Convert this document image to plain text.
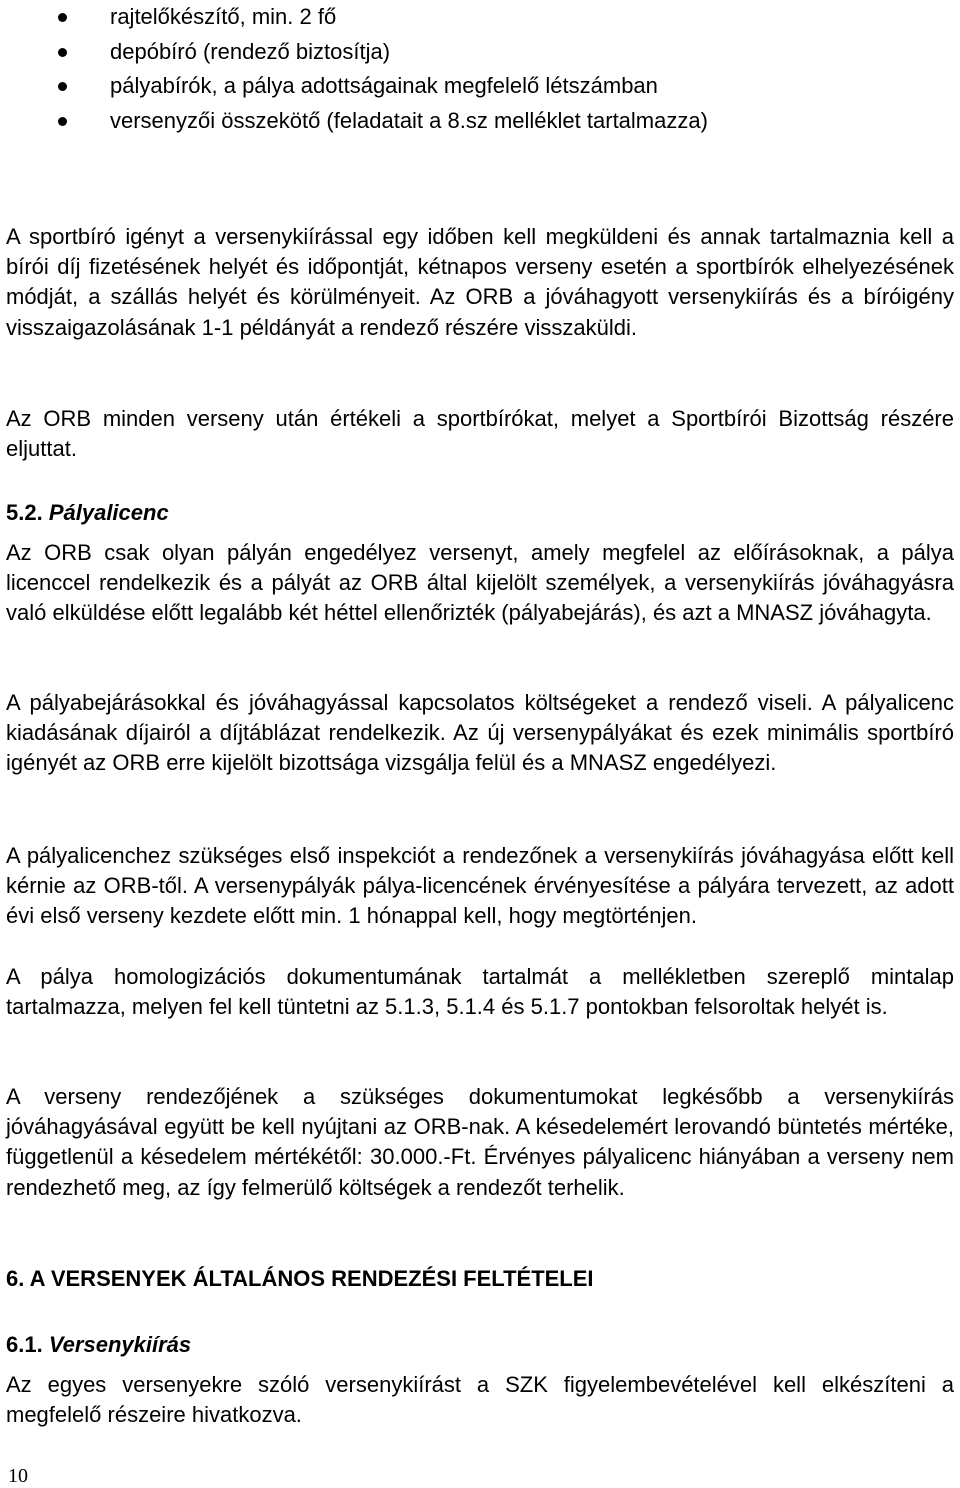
rajtelőkészítő, min. 2 fő
depóbíró (rendező biztosítja)
pályabírók, a pálya adottságainak megfelelő létszámban
versenyzői összekötő (feladatait a 8.sz melléklet tartalmazza)

A sportbíró igényt a versenykiírással egy időben kell megküldeni és annak tartalmaznia kell a bírói díj fizetésének helyét és időpontját, kétnapos verseny esetén a sportbírók elhelyezésének módját, a szállás helyét és körülményeit. Az ORB a jóváhagyott versenykiírás és a bíróigény visszaigazolásának 1-1 példányát a rendező részére visszaküldi.

Az ORB minden verseny után értékeli a sportbírókat, melyet a Sportbírói Bizottság részére eljuttat.

5.2. Pályalicenc

Az ORB csak olyan pályán engedélyez versenyt, amely megfelel az előírásoknak, a pálya licenccel rendelkezik és a pályát az ORB által kijelölt személyek, a versenykiírás jóváhagyásra való elküldése előtt legalább két héttel ellenőrizték (pályabejárás), és azt a MNASZ jóváhagyta.

A pályabejárásokkal és jóváhagyással kapcsolatos költségeket a rendező viseli. A pályalicenc kiadásának díjairól a díjtáblázat rendelkezik. Az új versenypályákat és ezek minimális sportbíró igényét az ORB erre kijelölt bizottsága vizsgálja felül és a MNASZ engedélyezi.

A pályalicenchez szükséges első inspekciót a rendezőnek a versenykiírás jóváhagyása előtt kell kérnie az ORB-től. A versenypályák pálya-licencének érvényesítése a pályára tervezett, az adott évi első verseny kezdete előtt min. 1 hónappal kell, hogy megtörténjen.

A pálya homologizációs dokumentumának tartalmát a mellékletben szereplő mintalap tartalmazza, melyen fel kell tüntetni az 5.1.3, 5.1.4 és 5.1.7 pontokban felsoroltak helyét is.

A verseny rendezőjének a szükséges dokumentumokat legkésőbb a versenykiírás jóváhagyásával együtt be kell nyújtani az ORB-nak. A késedelemért lerovandó büntetés mértéke, függetlenül a késedelem mértékétől: 30.000.-Ft. Érvényes pályalicenc hiányában a verseny nem rendezhető meg, az így felmerülő költségek a rendezőt terhelik.

6. A VERSENYEK ÁLTALÁNOS RENDEZÉSI FELTÉTELEI
6.1. Versenykiírás

Az egyes versenyekre szóló versenykiírást a SZK figyelembevételével kell elkészíteni a megfelelő részeire hivatkozva.

10
